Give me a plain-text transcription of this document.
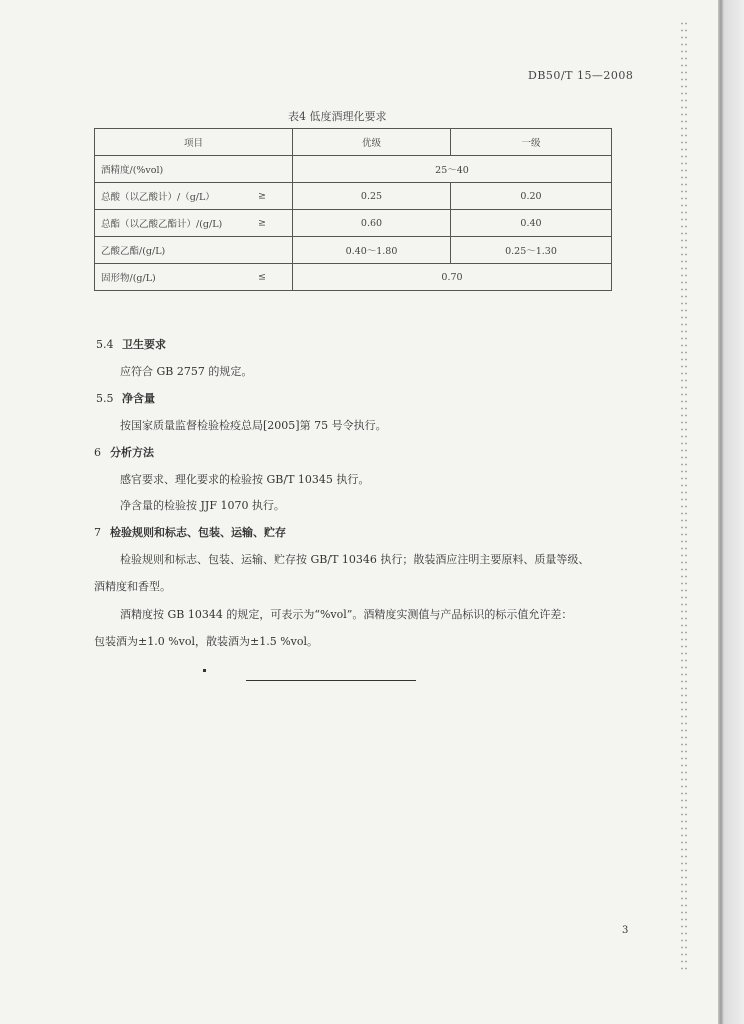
DB50/T 15—2008
表4 低度酒理化要求
项目	优级	一级
酒精度/(%vol)	25～40	
总酸（以乙酸计）/（g/L） ≥	0.25	0.20
总酯（以乙酸乙酯计）/(g/L) ≥	0.60	0.40
乙酸乙酯/(g/L)	0.40～1.80	0.25～1.30
固形物/(g/L) ≤	0.70	
5.4 卫生要求
应符合 GB 2757 的规定。
5.5 净含量
按国家质量监督检验检疫总局[2005]第 75 号令执行。
6 分析方法
感官要求、理化要求的检验按 GB/T 10345 执行。
净含量的检验按 JJF 1070 执行。
7 检验规则和标志、包装、运输、贮存
检验规则和标志、包装、运输、贮存按 GB/T 10346 执行；散装酒应注明主要原料、质量等级、
酒精度和香型。
酒精度按 GB 10344 的规定，可表示为“%vol”。酒精度实测值与产品标识的标示值允许差：
包装酒为±1.0 %vol，散装酒为±1.5 %vol。
3
